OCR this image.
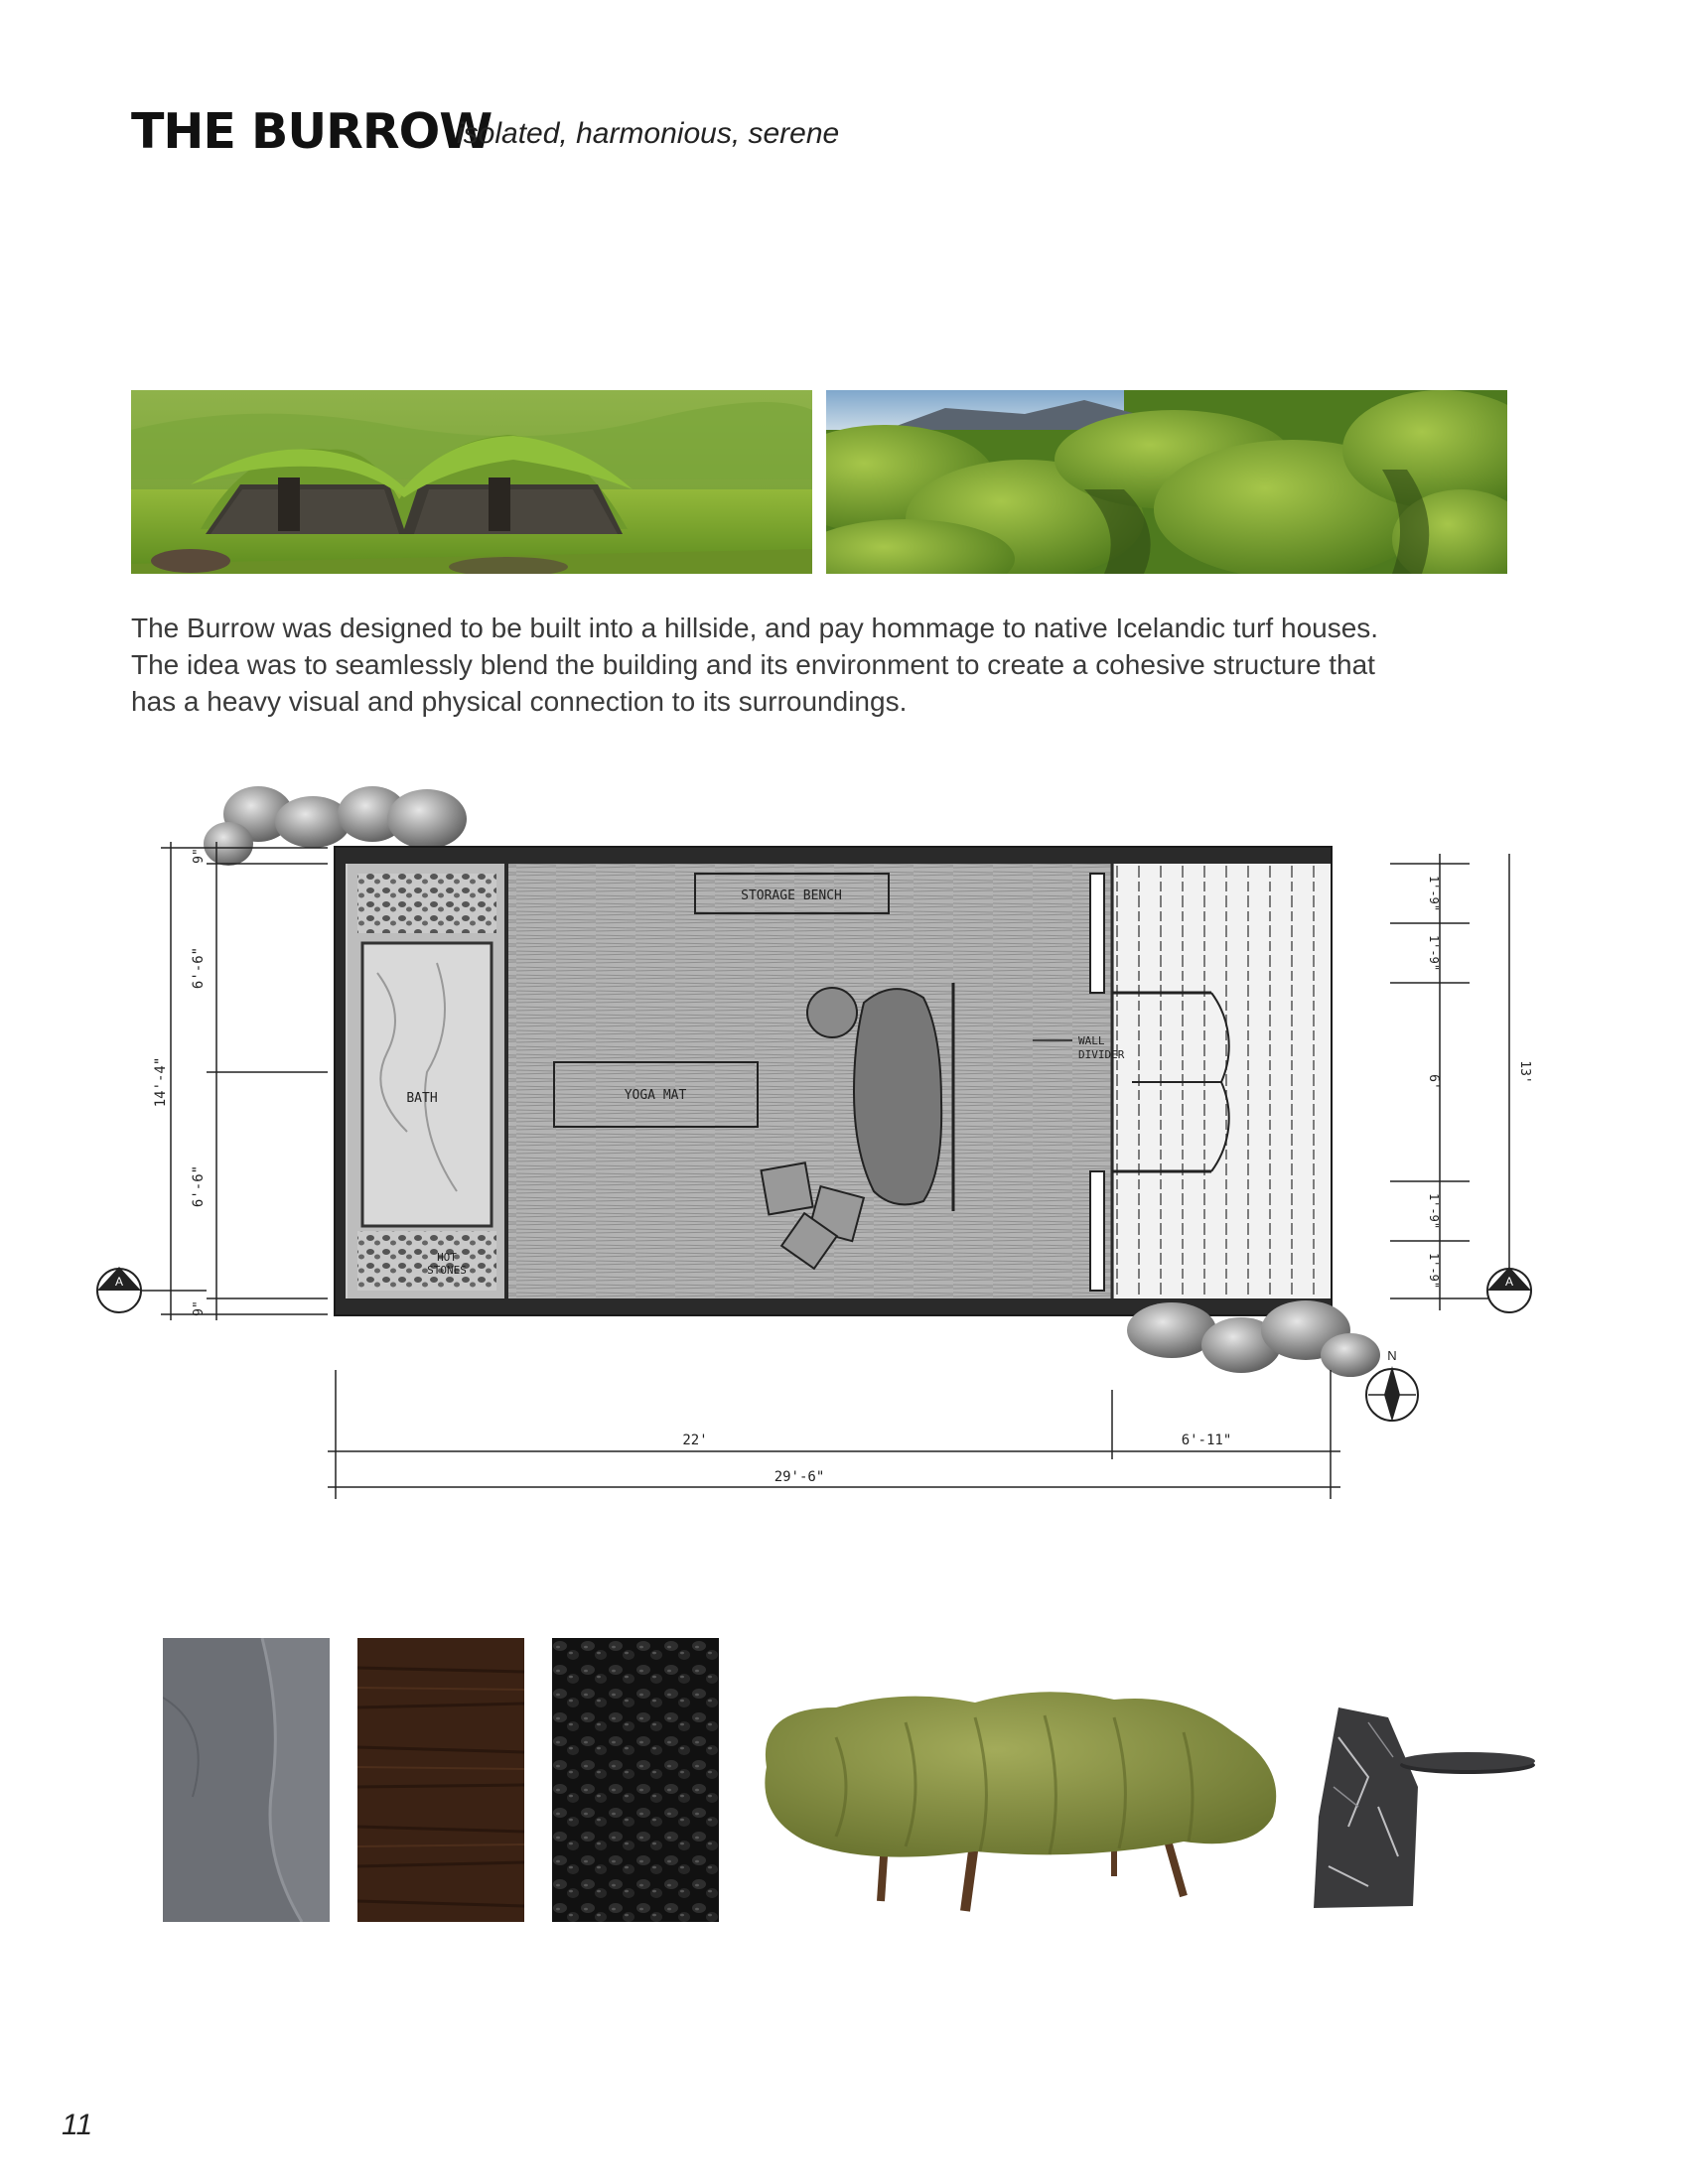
THE BURROW
isolated, harmonious, serene

The Burrow was designed to be built into a hillside, and pay hommage to native Icelandic turf houses.

The idea was to seamlessly blend the building and its environment to create a cohesive structure that

has a heavy visual and physical connection to its surroundings.

STORAGE BENCH
YOGA MAT
BATH
HOT
STONES
WALL
DIVIDER
9"
6'-6"
14'-4"
6'-6"
9"
1'-9"
1'-9"
6'
1'-9"
1'-9"
13'
22'	6'-11"
29'-6"
A	A
N
11
